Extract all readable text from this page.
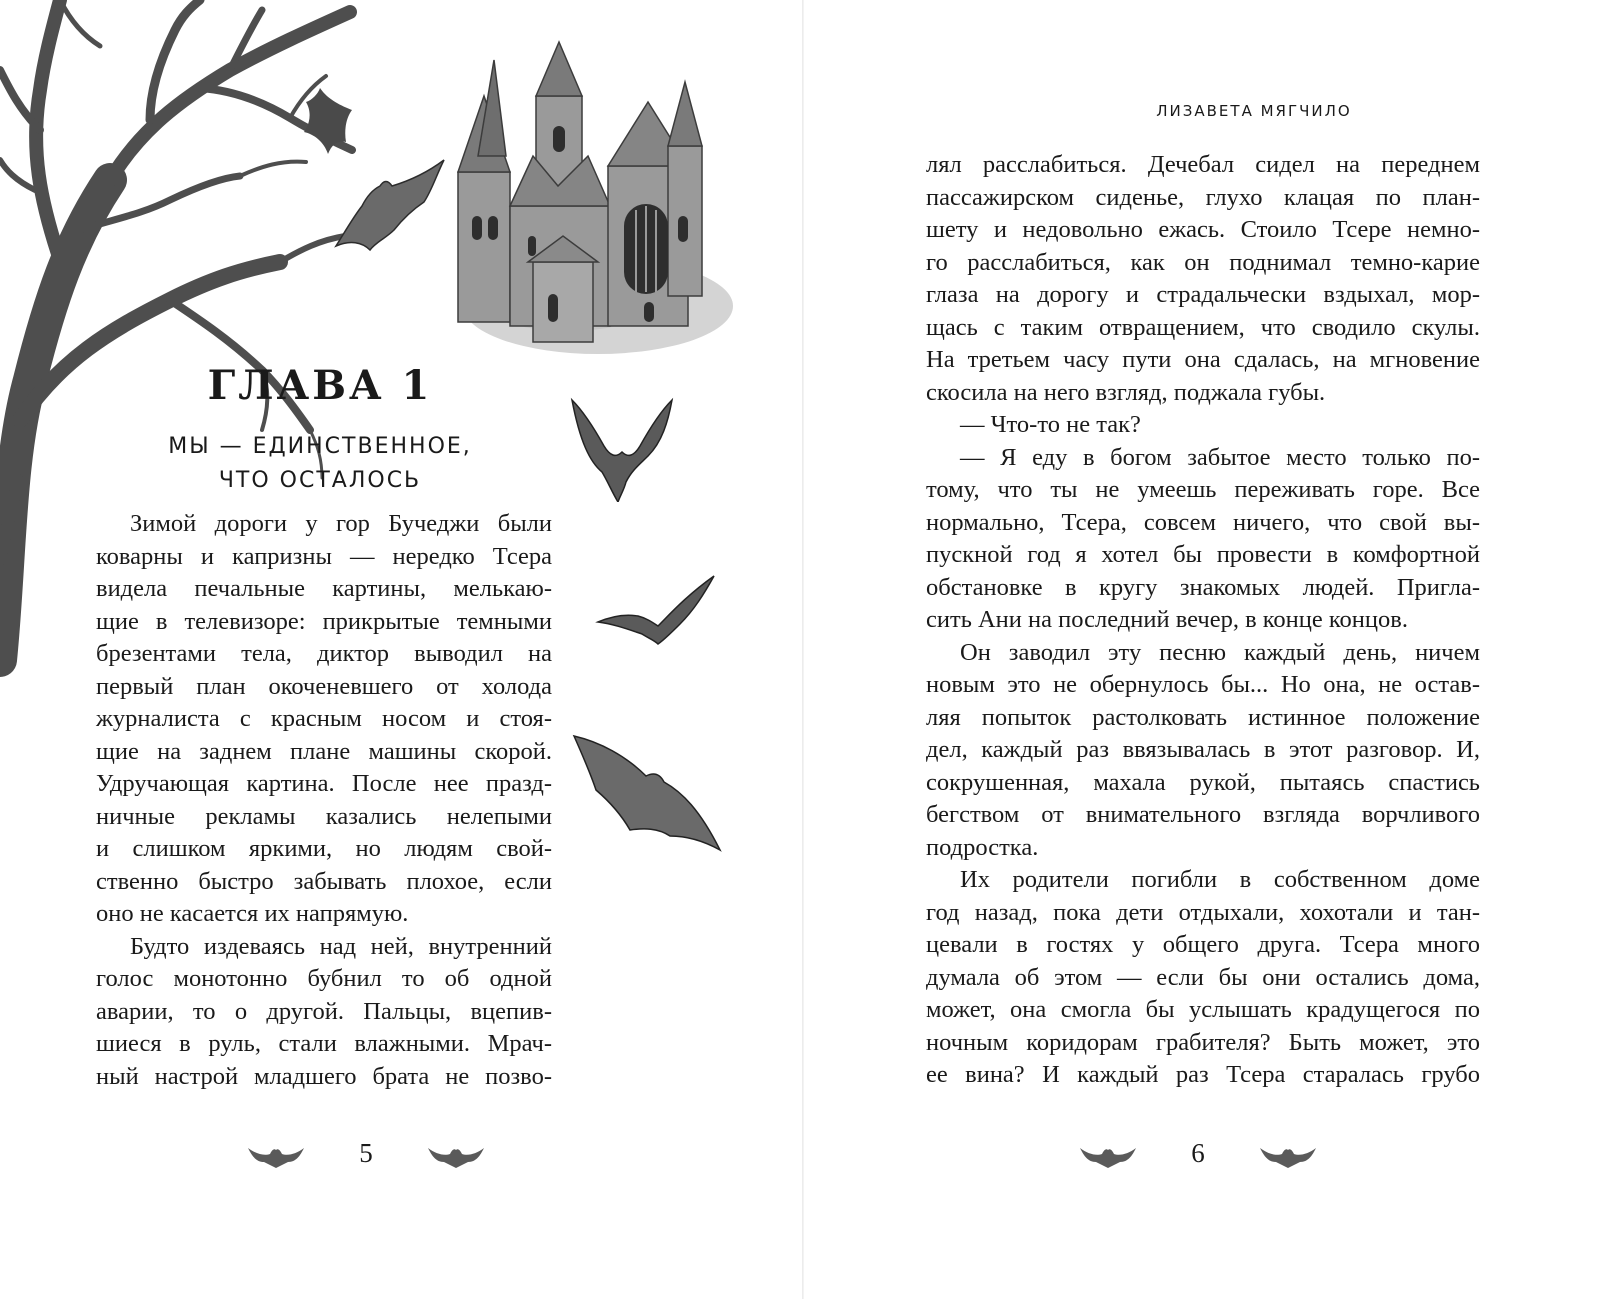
ГЛАВА 1
МЫ — ЕДИНСТВЕННОЕ,
ЧТО ОСТАЛОСЬ
Зимой дороги у гор Бучеджи были
коварны и капризны — нередко Тсера
видела печальные картины, мелькаю-
щие в телевизоре: прикрытые темными
брезентами тела, диктор выводил на
первый план окоченевшего от холода
журналиста с красным носом и стоя-
щие на заднем плане машины скорой.
Удручающая картина. После нее празд-
ничные рекламы казались нелепыми
и слишком яркими, но людям свой-
ственно быстро забывать плохое, если
оно не касается их напрямую.
Будто издеваясь над ней, внутренний
голос монотонно бубнил то об одной
аварии, то о другой. Пальцы, вцепив-
шиеся в руль, стали влажными. Мрач-
ный настрой младшего брата не позво-
5

ЛИЗАВЕТА МЯГЧИЛО

лял расслабиться. Дечебал сидел на переднем
пассажирском сиденье, глухо клацая по план-
шету и недовольно ежась. Стоило Тсере немно-
го расслабиться, как он поднимал темно-карие
глаза на дорогу и страдальчески вздыхал, мор-
щась с таким отвращением, что сводило скулы.
На третьем часу пути она сдалась, на мгновение
скосила на него взгляд, поджала губы.
— Что-то не так?
— Я еду в богом забытое место только по-
тому, что ты не умеешь переживать горе. Все
нормально, Тсера, совсем ничего, что свой вы-
пускной год я хотел бы провести в комфортной
обстановке в кругу знакомых людей. Пригла-
сить Ани на последний вечер, в конце концов.
Он заводил эту песню каждый день, ничем
новым это не обернулось бы... Но она, не остав-
ляя попыток растолковать истинное положение
дел, каждый раз ввязывалась в этот разговор. И,
сокрушенная, махала рукой, пытаясь спастись
бегством от внимательного взгляда ворчливого
подростка.
Их родители погибли в собственном доме
год назад, пока дети отдыхали, хохотали и тан-
цевали в гостях у общего друга. Тсера много
думала об этом — если бы они остались дома,
может, она смогла бы услышать крадущегося по
ночным коридорам грабителя? Быть может, это
ее вина? И каждый раз Тсера старалась грубо
6
